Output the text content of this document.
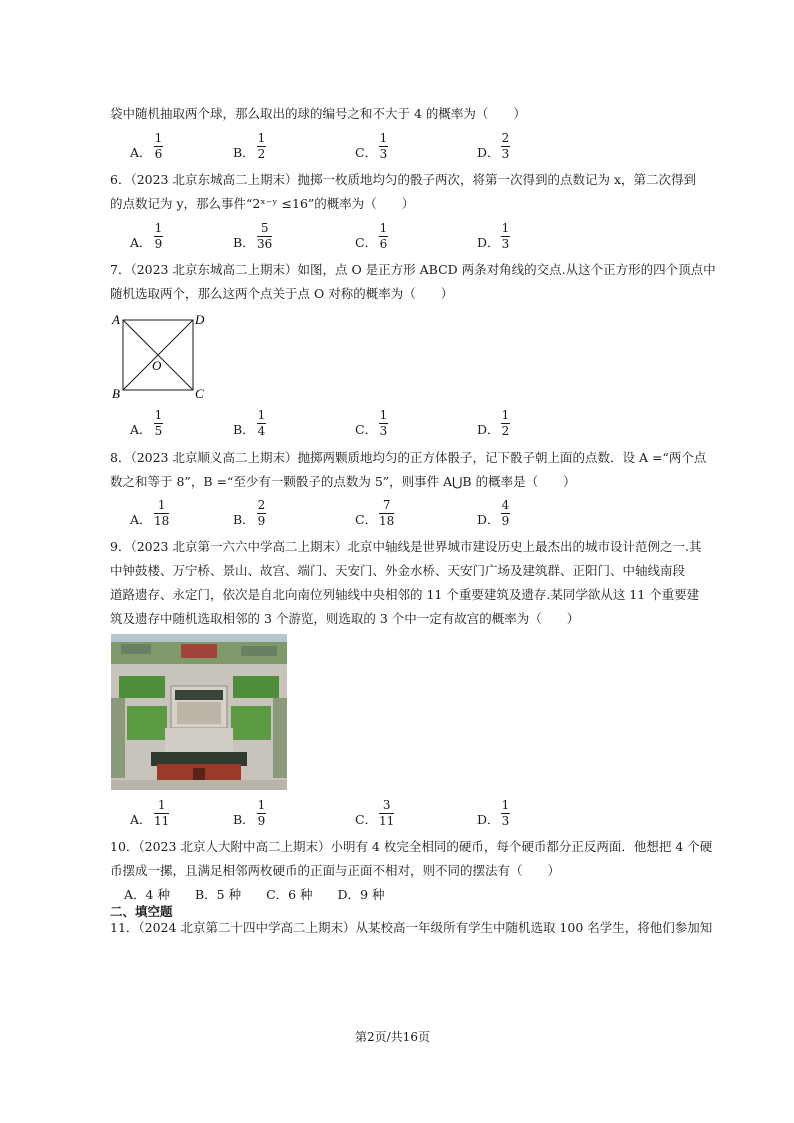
袋中随机抽取两个球，那么取出的球的编号之和不大于 4 的概率为（　　）
A．
1
6	B．
1
2	C．
1
3	D．
2
3
6．（2023 北京东城高二上期末）抛掷一枚质地均匀的骰子两次，将第一次得到的点数记为 x，第二次得到
的点数记为 y，那么事件“2ˣ⁻ʸ ≤16”的概率为（　　）
A．
1
9	B．
5
36	C．
1
6	D．
1
3
7．（2023 北京东城高二上期末）如图，点 O 是正方形 ABCD 两条对角线的交点.从这个正方形的四个顶点中
随机选取两个，那么这两个点关于点 O 对称的概率为（　　）
A	D
B	C
O
A．
1
5	B．
1
4	C．
1
3	D．
1
2
8．（2023 北京顺义高二上期末）抛掷两颗质地均匀的正方体骰子，记下骰子朝上面的点数．设 A =“两个点
数之和等于 8”，B =“至少有一颗骰子的点数为 5”，则事件 A⋃B 的概率是（　　）
A．
1
18	B．
2
9	C．
7
18	D．
4
9
9．（2023 北京第一六六中学高二上期末）北京中轴线是世界城市建设历史上最杰出的城市设计范例之一.其
中钟鼓楼、万宁桥、景山、故宫、端门、天安门、外金水桥、天安门广场及建筑群、正阳门、中轴线南段
道路遗存、永定门，依次是自北向南位列轴线中央相邻的 11 个重要建筑及遗存.某同学欲从这 11 个重要建
筑及遗存中随机选取相邻的 3 个游览，则选取的 3 个中一定有故宫的概率为（　　）
A．
1
11	B．
1
9	C．
3
11	D．
1
3
10．（2023 北京人大附中高二上期末）小明有 4 枚完全相同的硬币，每个硬币都分正反两面．他想把 4 个硬
币摆成一摞，且满足相邻两枚硬币的正面与正面不相对，则不同的摆法有（　　）
A．4 种　　B．5 种　　C．6 种　　D．9 种
二、填空题
11．（2024 北京第二十四中学高二上期末）从某校高一年级所有学生中随机选取 100 名学生，将他们参加知
第2页/共16页
